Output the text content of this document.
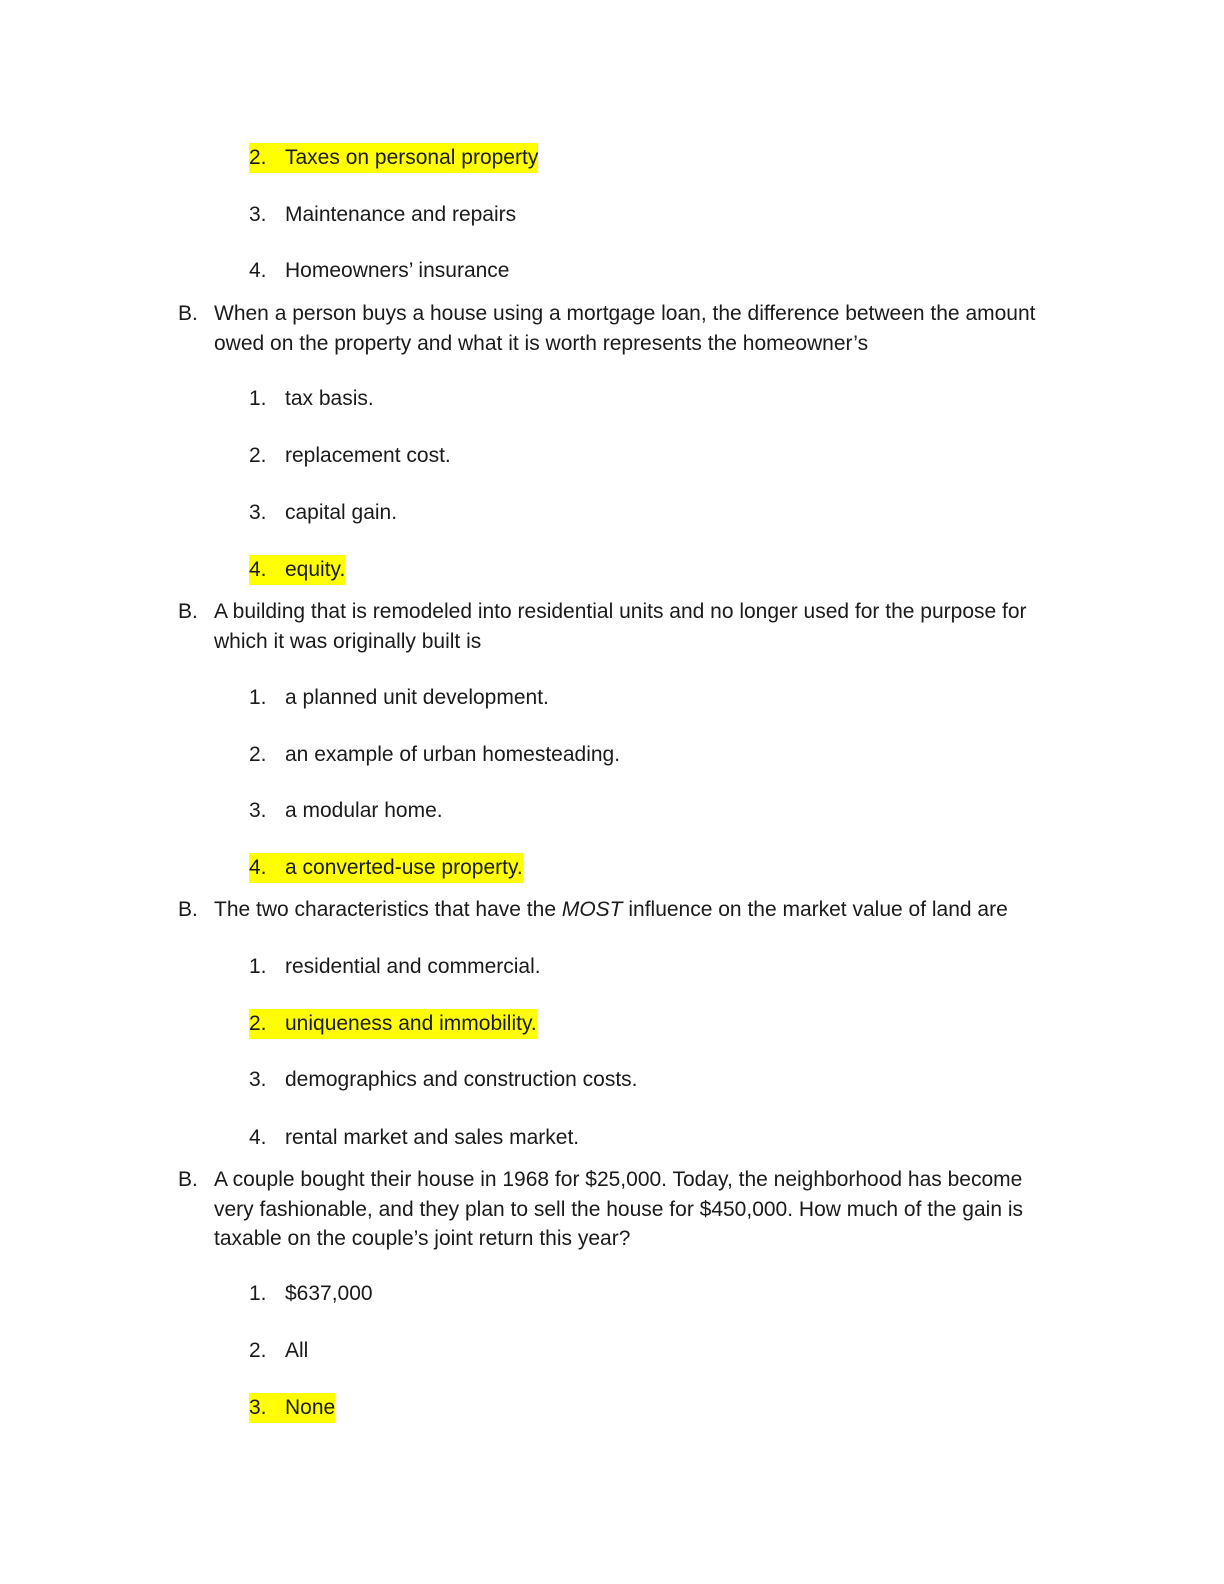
2. Taxes on personal property
3. Maintenance and repairs
4. Homeowners’ insurance
B. When a person buys a house using a mortgage loan, the difference between the amount
owed on the property and what it is worth represents the homeowner’s
1. tax basis.
2. replacement cost.
3. capital gain.
4. equity.
B. A building that is remodeled into residential units and no longer used for the purpose for
which it was originally built is
1. a planned unit development.
2. an example of urban homesteading.
3. a modular home.
4. a converted-use property.
B. The two characteristics that have the MOST influence on the market value of land are
1. residential and commercial.
2. uniqueness and immobility.
3. demographics and construction costs.
4. rental market and sales market.
B. A couple bought their house in 1968 for $25,000. Today, the neighborhood has become
very fashionable, and they plan to sell the house for $450,000. How much of the gain is
taxable on the couple’s joint return this year?
1. $637,000
2. All
3. None
